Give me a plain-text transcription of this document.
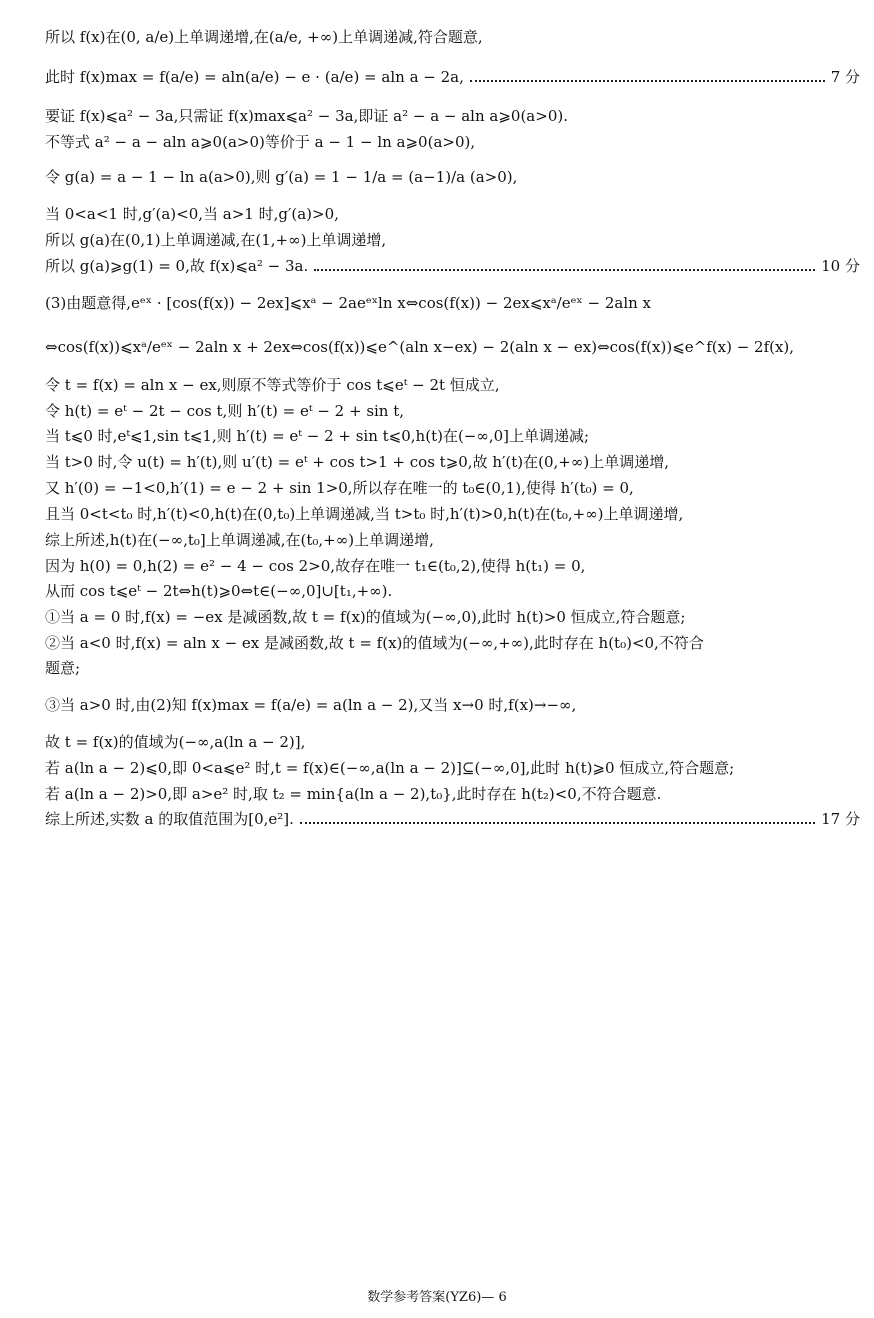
所以 f(x)在(0, a/e)上单调递增,在(a/e, +∞)上单调递减,符合题意,
此时 f(x)max = f(a/e) = aln(a/e) − e · (a/e) = aln a − 2a,	7 分
要证 f(x)⩽a² − 3a,只需证 f(x)max⩽a² − 3a,即证 a² − a − aln a⩾0(a>0).
不等式 a² − a − aln a⩾0(a>0)等价于 a − 1 − ln a⩾0(a>0),
令 g(a) = a − 1 − ln a(a>0),则 g′(a) = 1 − 1/a = (a−1)/a (a>0),
当 0<a<1 时,g′(a)<0,当 a>1 时,g′(a)>0,
所以 g(a)在(0,1)上单调递减,在(1,+∞)上单调递增,
所以 g(a)⩾g(1) = 0,故 f(x)⩽a² − 3a.	10 分
(3)由题意得,eᵉˣ · [cos(f(x)) − 2ex]⩽xᵃ − 2aeᵉˣln x⇔cos(f(x)) − 2ex⩽xᵃ/eᵉˣ − 2aln x
⇔cos(f(x))⩽xᵃ/eᵉˣ − 2aln x + 2ex⇔cos(f(x))⩽e^(aln x−ex) − 2(aln x − ex)⇔cos(f(x))⩽e^f(x) − 2f(x),
令 t = f(x) = aln x − ex,则原不等式等价于 cos t⩽eᵗ − 2t 恒成立,
令 h(t) = eᵗ − 2t − cos t,则 h′(t) = eᵗ − 2 + sin t,
当 t⩽0 时,eᵗ⩽1,sin t⩽1,则 h′(t) = eᵗ − 2 + sin t⩽0,h(t)在(−∞,0]上单调递减;
当 t>0 时,令 u(t) = h′(t),则 u′(t) = eᵗ + cos t>1 + cos t⩾0,故 h′(t)在(0,+∞)上单调递增,
又 h′(0) = −1<0,h′(1) = e − 2 + sin 1>0,所以存在唯一的 t₀∈(0,1),使得 h′(t₀) = 0,
且当 0<t<t₀ 时,h′(t)<0,h(t)在(0,t₀)上单调递减,当 t>t₀ 时,h′(t)>0,h(t)在(t₀,+∞)上单调递增,
综上所述,h(t)在(−∞,t₀]上单调递减,在(t₀,+∞)上单调递增,
因为 h(0) = 0,h(2) = e² − 4 − cos 2>0,故存在唯一 t₁∈(t₀,2),使得 h(t₁) = 0,
从而 cos t⩽eᵗ − 2t⇔h(t)⩾0⇔t∈(−∞,0]∪[t₁,+∞).
①当 a = 0 时,f(x) = −ex 是减函数,故 t = f(x)的值域为(−∞,0),此时 h(t)>0 恒成立,符合题意;
②当 a<0 时,f(x) = aln x − ex 是减函数,故 t = f(x)的值域为(−∞,+∞),此时存在 h(t₀)<0,不符合
题意;
③当 a>0 时,由(2)知 f(x)max = f(a/e) = a(ln a − 2),又当 x→0 时,f(x)→−∞,
故 t = f(x)的值域为(−∞,a(ln a − 2)],
若 a(ln a − 2)⩽0,即 0<a⩽e² 时,t = f(x)∈(−∞,a(ln a − 2)]⊆(−∞,0],此时 h(t)⩾0 恒成立,符合题意;
若 a(ln a − 2)>0,即 a>e² 时,取 t₂ = min{a(ln a − 2),t₀},此时存在 h(t₂)<0,不符合题意.
综上所述,实数 a 的取值范围为[0,e²].	17 分
数学参考答案(YZ6)— 6
